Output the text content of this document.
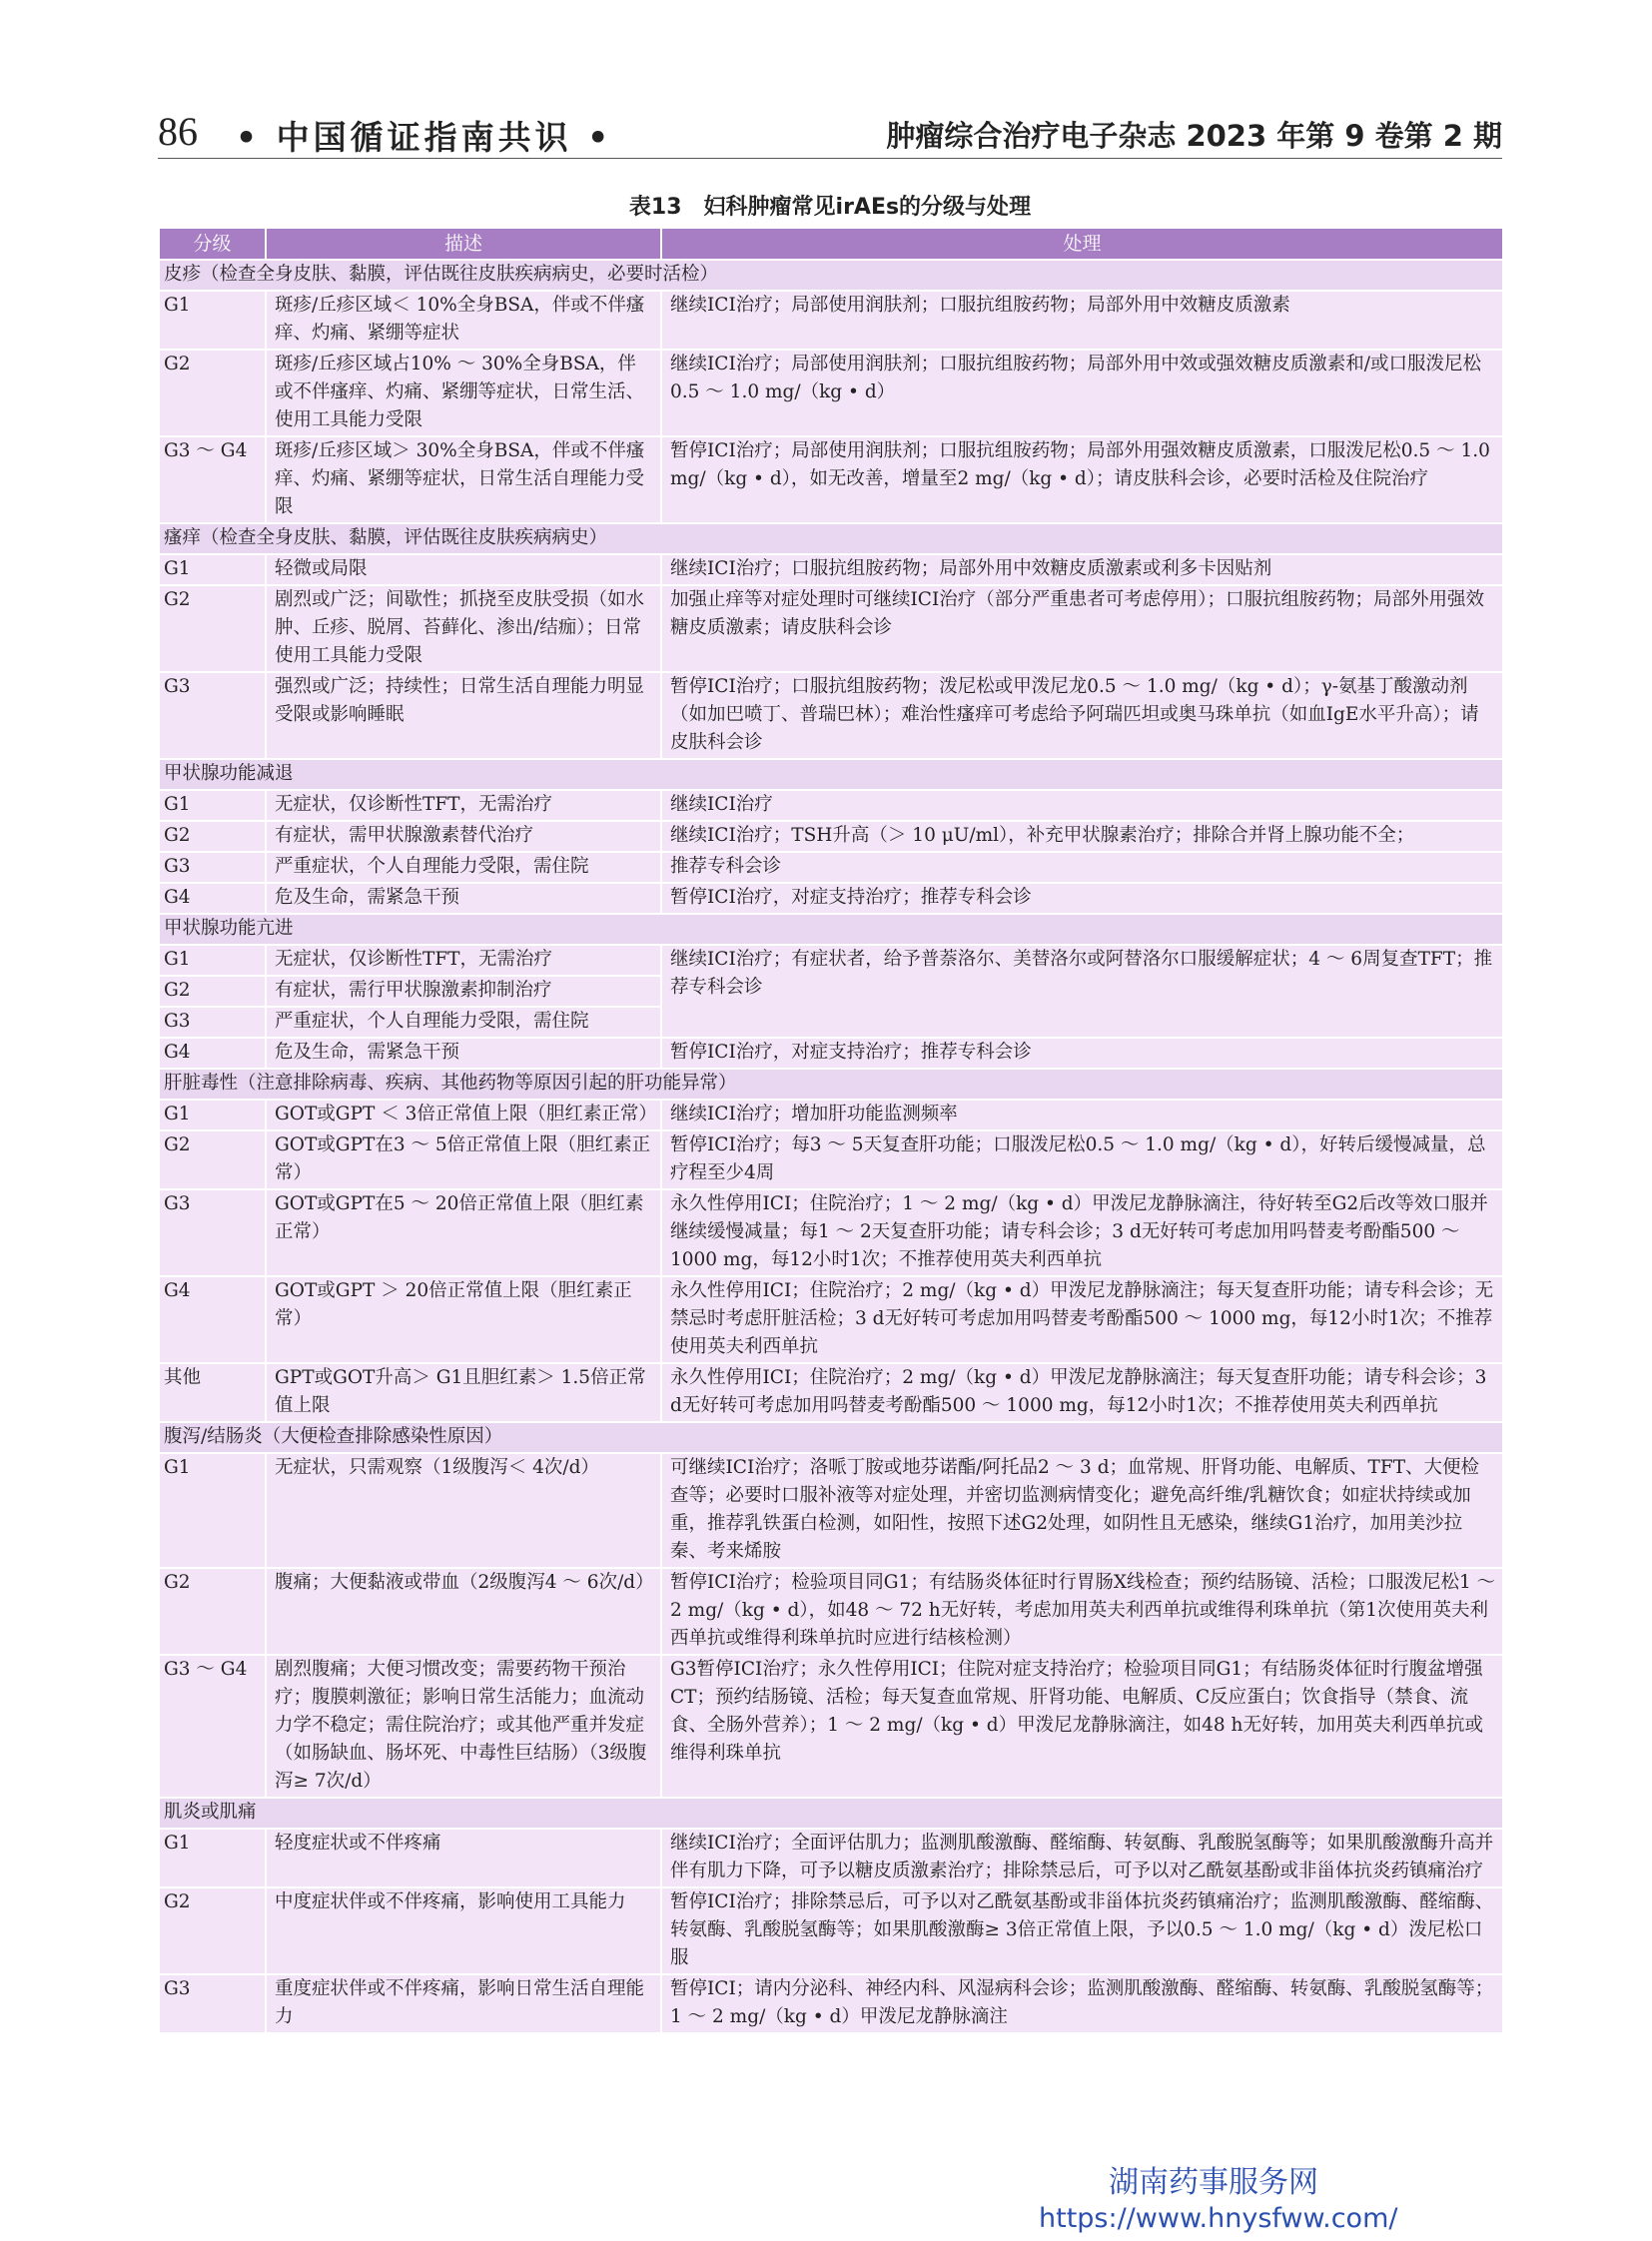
86 • 中国循证指南共识 •	肿瘤综合治疗电子杂志 2023 年第 9 卷第 2 期
表13　妇科肿瘤常见irAEs的分级与处理
分级	描述	处理
皮疹（检查全身皮肤、黏膜，评估既往皮肤疾病病史，必要时活检）		
G1	斑疹/丘疹区域＜ 10%全身BSA，伴或不伴瘙痒、灼痛、紧绷等症状	继续ICI治疗；局部使用润肤剂；口服抗组胺药物；局部外用中效糖皮质激素
G2	斑疹/丘疹区域占10% ～ 30%全身BSA，伴或不伴瘙痒、灼痛、紧绷等症状，日常生活、使用工具能力受限	继续ICI治疗；局部使用润肤剂；口服抗组胺药物；局部外用中效或强效糖皮质激素和/或口服泼尼松0.5 ～ 1.0 mg/（kg • d）
G3 ～ G4	斑疹/丘疹区域＞ 30%全身BSA，伴或不伴瘙痒、灼痛、紧绷等症状，日常生活自理能力受限	暂停ICI治疗；局部使用润肤剂；口服抗组胺药物；局部外用强效糖皮质激素，口服泼尼松0.5 ～ 1.0 mg/（kg • d），如无改善，增量至2 mg/（kg • d）；请皮肤科会诊，必要时活检及住院治疗
瘙痒（检查全身皮肤、黏膜，评估既往皮肤疾病病史）		
G1	轻微或局限	继续ICI治疗；口服抗组胺药物；局部外用中效糖皮质激素或利多卡因贴剂
G2	剧烈或广泛；间歇性；抓挠至皮肤受损（如水肿、丘疹、脱屑、苔藓化、渗出/结痂）；日常使用工具能力受限	加强止痒等对症处理时可继续ICI治疗（部分严重患者可考虑停用）；口服抗组胺药物；局部外用强效糖皮质激素；请皮肤科会诊
G3	强烈或广泛；持续性；日常生活自理能力明显受限或影响睡眠	暂停ICI治疗；口服抗组胺药物；泼尼松或甲泼尼龙0.5 ～ 1.0 mg/（kg • d）；γ-氨基丁酸激动剂（如加巴喷丁、普瑞巴林）；难治性瘙痒可考虑给予阿瑞匹坦或奥马珠单抗（如血IgE水平升高）；请皮肤科会诊
甲状腺功能减退		
G1	无症状，仅诊断性TFT，无需治疗	继续ICI治疗
G2	有症状，需甲状腺激素替代治疗	继续ICI治疗；TSH升高（＞ 10 μU/ml），补充甲状腺素治疗；排除合并肾上腺功能不全；
G3	严重症状，个人自理能力受限，需住院	推荐专科会诊
G4	危及生命，需紧急干预	暂停ICI治疗，对症支持治疗；推荐专科会诊
甲状腺功能亢进		
G1	无症状，仅诊断性TFT，无需治疗	继续ICI治疗；有症状者，给予普萘洛尔、美替洛尔或阿替洛尔口服缓解症状；4 ～ 6周复查TFT；推荐专科会诊
G2	有症状，需行甲状腺激素抑制治疗	
G3	严重症状，个人自理能力受限，需住院	
G4	危及生命，需紧急干预	暂停ICI治疗，对症支持治疗；推荐专科会诊
肝脏毒性（注意排除病毒、疾病、其他药物等原因引起的肝功能异常）		
G1	GOT或GPT ＜ 3倍正常值上限（胆红素正常）	继续ICI治疗；增加肝功能监测频率
G2	GOT或GPT在3 ～ 5倍正常值上限（胆红素正常）	暂停ICI治疗；每3 ～ 5天复查肝功能；口服泼尼松0.5 ～ 1.0 mg/（kg • d），好转后缓慢减量，总疗程至少4周
G3	GOT或GPT在5 ～ 20倍正常值上限（胆红素正常）	永久性停用ICI；住院治疗；1 ～ 2 mg/（kg • d）甲泼尼龙静脉滴注，待好转至G2后改等效口服并继续缓慢减量；每1 ～ 2天复查肝功能；请专科会诊；3 d无好转可考虑加用吗替麦考酚酯500 ～ 1000 mg，每12小时1次；不推荐使用英夫利西单抗
G4	GOT或GPT ＞ 20倍正常值上限（胆红素正常）	永久性停用ICI；住院治疗；2 mg/（kg • d）甲泼尼龙静脉滴注；每天复查肝功能；请专科会诊；无禁忌时考虑肝脏活检；3 d无好转可考虑加用吗替麦考酚酯500 ～ 1000 mg，每12小时1次；不推荐使用英夫利西单抗
其他	GPT或GOT升高＞ G1且胆红素＞ 1.5倍正常值上限	永久性停用ICI；住院治疗；2 mg/（kg • d）甲泼尼龙静脉滴注；每天复查肝功能；请专科会诊；3 d无好转可考虑加用吗替麦考酚酯500 ～ 1000 mg，每12小时1次；不推荐使用英夫利西单抗
腹泻/结肠炎（大便检查排除感染性原因）		
G1	无症状，只需观察（1级腹泻＜ 4次/d）	可继续ICI治疗；洛哌丁胺或地芬诺酯/阿托品2 ～ 3 d；血常规、肝肾功能、电解质、TFT、大便检查等；必要时口服补液等对症处理，并密切监测病情变化；避免高纤维/乳糖饮食；如症状持续或加重，推荐乳铁蛋白检测，如阳性，按照下述G2处理，如阴性且无感染，继续G1治疗，加用美沙拉秦、考来烯胺
G2	腹痛；大便黏液或带血（2级腹泻4 ～ 6次/d）	暂停ICI治疗；检验项目同G1；有结肠炎体征时行胃肠X线检查；预约结肠镜、活检；口服泼尼松1 ～ 2 mg/（kg • d），如48 ～ 72 h无好转，考虑加用英夫利西单抗或维得利珠单抗（第1次使用英夫利西单抗或维得利珠单抗时应进行结核检测）
G3 ～ G4	剧烈腹痛；大便习惯改变；需要药物干预治疗；腹膜刺激征；影响日常生活能力；血流动力学不稳定；需住院治疗；或其他严重并发症（如肠缺血、肠坏死、中毒性巨结肠）（3级腹泻≥ 7次/d）	G3暂停ICI治疗；永久性停用ICI；住院对症支持治疗；检验项目同G1；有结肠炎体征时行腹盆增强CT；预约结肠镜、活检；每天复查血常规、肝肾功能、电解质、C反应蛋白；饮食指导（禁食、流食、全肠外营养）；1 ～ 2 mg/（kg • d）甲泼尼龙静脉滴注，如48 h无好转，加用英夫利西单抗或维得利珠单抗
肌炎或肌痛		
G1	轻度症状或不伴疼痛	继续ICI治疗；全面评估肌力；监测肌酸激酶、醛缩酶、转氨酶、乳酸脱氢酶等；如果肌酸激酶升高并伴有肌力下降，可予以糖皮质激素治疗；排除禁忌后，可予以对乙酰氨基酚或非甾体抗炎药镇痛治疗
G2	中度症状伴或不伴疼痛，影响使用工具能力	暂停ICI治疗；排除禁忌后，可予以对乙酰氨基酚或非甾体抗炎药镇痛治疗；监测肌酸激酶、醛缩酶、转氨酶、乳酸脱氢酶等；如果肌酸激酶≥ 3倍正常值上限，予以0.5 ～ 1.0 mg/（kg • d）泼尼松口服
G3	重度症状伴或不伴疼痛，影响日常生活自理能力	暂停ICI；请内分泌科、神经内科、风湿病科会诊；监测肌酸激酶、醛缩酶、转氨酶、乳酸脱氢酶等；1 ～ 2 mg/（kg • d）甲泼尼龙静脉滴注
湖南药事服务网
https://www.hnysfww.com/
